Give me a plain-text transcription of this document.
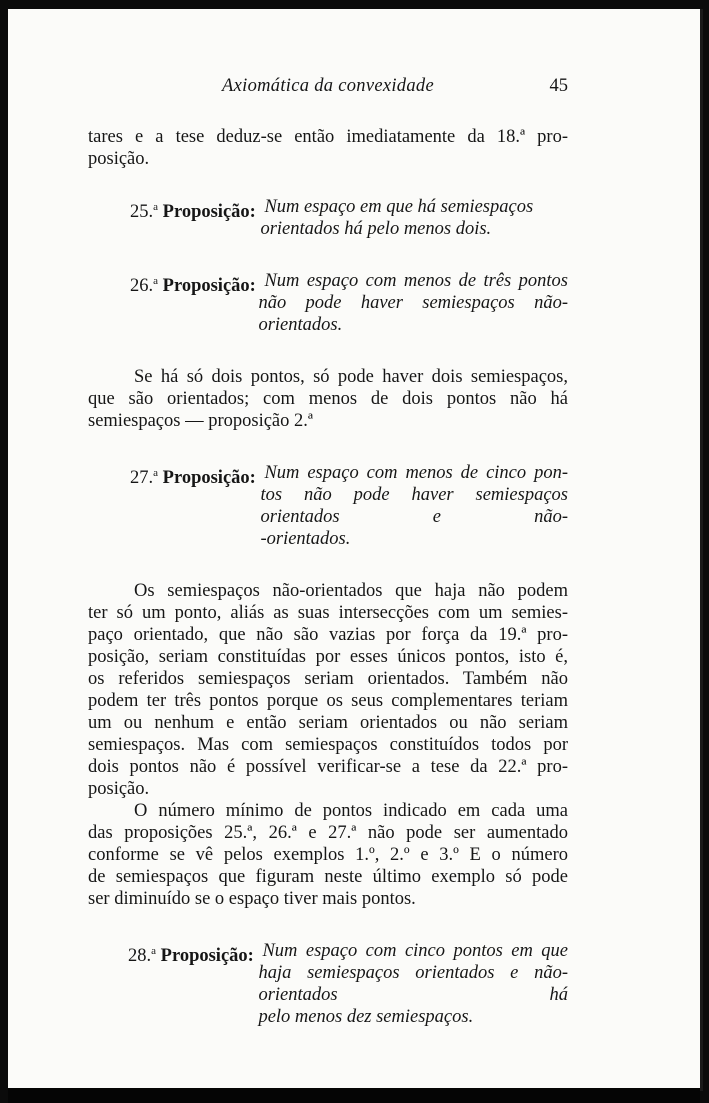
Axiomática da convexidade	45

tares e a tese deduz-se então imediatamente da 18.ª pro-
posição.

25.$^a$ Proposição: Num espaço em que há semiespaços
orientados há pelo menos dois.
26.$^a$ Proposição: Num espaço com menos de três pontos
não pode haver semiespaços não-orientados.

Se há só dois pontos, só pode haver dois semiespaços,
que são orientados; com menos de dois pontos não há
semiespaços — proposição 2.ª

27.$^a$ Proposição: Num espaço com menos de cinco pon-
tos não pode haver semiespaços orientados e não-
-orientados.

Os semiespaços não-orientados que haja não podem
ter só um ponto, aliás as suas intersecções com um semies-
paço orientado, que não são vazias por força da 19.ª pro-
posição, seriam constituídas por esses únicos pontos, isto é,
os referidos semiespaços seriam orientados. Também não
podem ter três pontos porque os seus complementares teriam
um ou nenhum e então seriam orientados ou não seriam
semiespaços. Mas com semiespaços constituídos todos por
dois pontos não é possível verificar-se a tese da 22.ª pro-
posição.

O número mínimo de pontos indicado em cada uma
das proposições 25.ª, 26.ª e 27.ª não pode ser aumentado
conforme se vê pelos exemplos 1.º, 2.º e 3.º E o número
de semiespaços que figuram neste último exemplo só pode
ser diminuído se o espaço tiver mais pontos.

28.$^a$ Proposição: Num espaço com cinco pontos em que
haja semiespaços orientados e não-orientados há
pelo menos dez semiespaços.
